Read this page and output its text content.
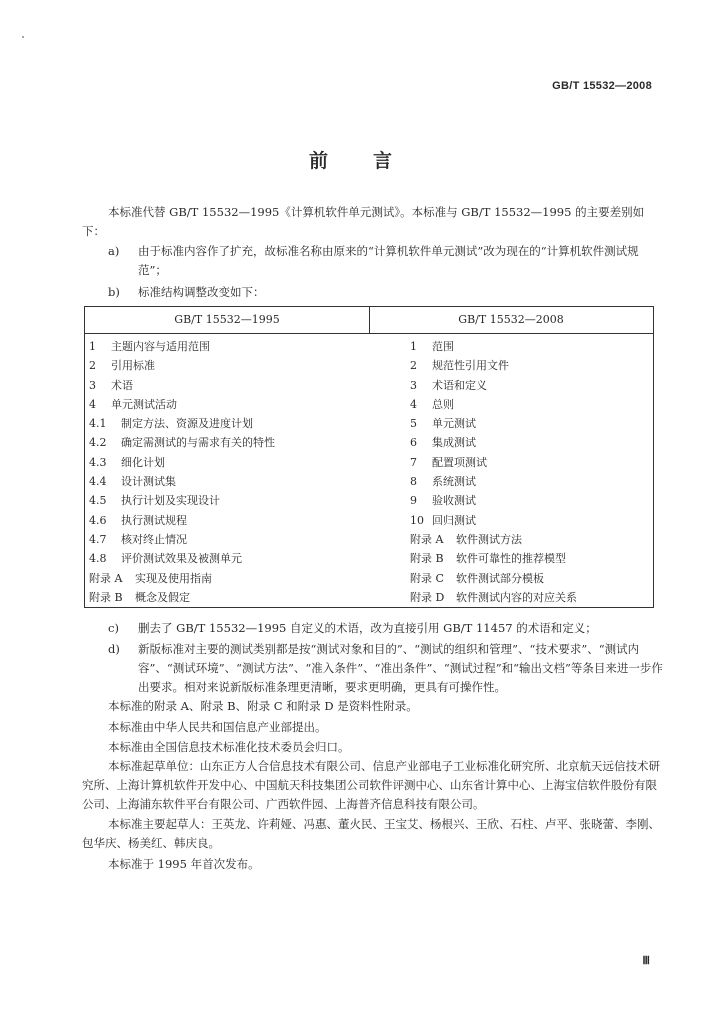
GB/T 15532—2008
前 言
本标准代替 GB/T 15532—1995《计算机软件单元测试》。本标准与 GB/T 15532—1995 的主要差别如下：
a) 由于标准内容作了扩充，故标准名称由原来的“计算机软件单元测试”改为现在的“计算机软件测试规范”；
b) 标准结构调整改变如下：
GB/T 15532—1995	GB/T 15532—2008
1 主题内容与适用范围
2 引用标准
3 术语
4 单元测试活动
4.1 制定方法、资源及进度计划
4.2 确定需测试的与需求有关的特性
4.3 细化计划
4.4 设计测试集
4.5 执行计划及实现设计
4.6 执行测试规程
4.7 核对终止情况
4.8 评价测试效果及被测单元
附录 A 实现及使用指南
附录 B 概念及假定
1 范围
2 规范性引用文件
3 术语和定义
4 总则
5 单元测试
6 集成测试
7 配置项测试
8 系统测试
9 验收测试
10 回归测试
附录 A 软件测试方法
附录 B 软件可靠性的推荐模型
附录 C 软件测试部分模板
附录 D 软件测试内容的对应关系
c) 删去了 GB/T 15532—1995 自定义的术语，改为直接引用 GB/T 11457 的术语和定义；
d) 新版标准对主要的测试类别都是按“测试对象和目的”、“测试的组织和管理”、“技术要求”、“测试内容”、“测试环境”、“测试方法”、“准入条件”、“准出条件”、“测试过程”和“输出文档”等条目来进一步作出要求。相对来说新版标准条理更清晰，要求更明确，更具有可操作性。
本标准的附录 A、附录 B、附录 C 和附录 D 是资料性附录。
本标准由中华人民共和国信息产业部提出。
本标准由全国信息技术标准化技术委员会归口。
本标准起草单位：山东正方人合信息技术有限公司、信息产业部电子工业标准化研究所、北京航天远信技术研究所、上海计算机软件开发中心、中国航天科技集团公司软件评测中心、山东省计算中心、上海宝信软件股份有限公司、上海浦东软件平台有限公司、广西软件园、上海普齐信息科技有限公司。
本标准主要起草人：王英龙、许莉娅、冯惠、董火民、王宝艾、杨根兴、王欣、石柱、卢平、张晓蕾、李刚、包华庆、杨美红、韩庆良。
本标准于 1995 年首次发布。
Ⅲ
